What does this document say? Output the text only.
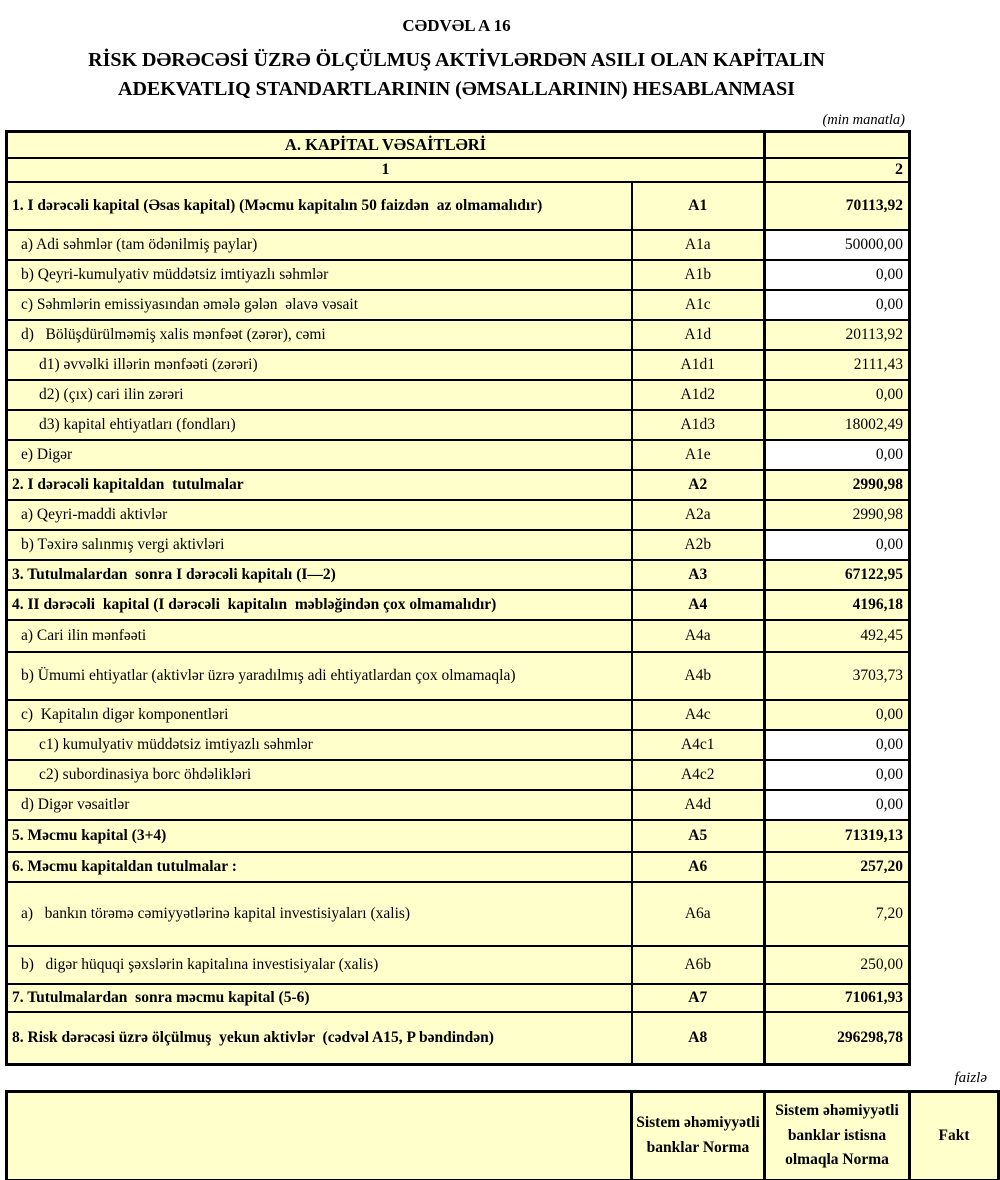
CƏDVƏL A 16
RİSK DƏRƏCƏSİ ÜZRƏ ÖLÇÜLMUŞ AKTİVLƏRDƏN ASILI OLAN KAPİTALIN
ADEKVATLIQ STANDARTLARININ (ƏMSALLARININ) HESABLANMASI
(min manatla)
A. KAPİTAL VƏSAİTLƏRİ		
1		2
1. I dərəcəli kapital (Əsas kapital) (Məcmu kapitalın 50 faizdən  az olmamalıdır)	A1	70113,92
a) Adi səhmlər (tam ödənilmiş paylar)	A1a	50000,00
b) Qeyri-kumulyativ müddətsiz imtiyazlı səhmlər	A1b	0,00
c) Səhmlərin emissiyasından əmələ gələn  əlavə vəsait	A1c	0,00
d)   Bölüşdürülməmiş xalis mənfəət (zərər), cəmi	A1d	20113,92
d1) əvvəlki illərin mənfəəti (zərəri)	A1d1	2111,43
d2) (çıx) cari ilin zərəri	A1d2	0,00
d3) kapital ehtiyatları (fondları)	A1d3	18002,49
e) Digər	A1e	0,00
2. I dərəcəli kapitaldan  tutulmalar	A2	2990,98
a) Qeyri-maddi aktivlər	A2a	2990,98
b) Təxirə salınmış vergi aktivləri	A2b	0,00
3. Tutulmalardan  sonra I dərəcəli kapitalı (I—2)	A3	67122,95
4. II dərəcəli  kapital (I dərəcəli  kapitalın  məbləğindən çox olmamalıdır)	A4	4196,18
a) Cari ilin mənfəəti	A4a	492,45
b) Ümumi ehtiyatlar (aktivlər üzrə yaradılmış adi ehtiyatlardan çox olmamaqla)	A4b	3703,73
c)  Kapitalın digər komponentləri	A4c	0,00
c1) kumulyativ müddətsiz imtiyazlı səhmlər	A4c1	0,00
c2) subordinasiya borc öhdəlikləri	A4c2	0,00
d) Digər vəsaitlər	A4d	0,00
5. Məcmu kapital (3+4)	A5	71319,13
6. Məcmu kapitaldan tutulmalar :	A6	257,20
a)   bankın törəmə cəmiyyətlərinə kapital investisiyaları (xalis)	A6a	7,20
b)   digər hüquqi şəxslərin kapitalına investisiyalar (xalis)	A6b	250,00
7. Tutulmalardan  sonra məcmu kapital (5-6)	A7	71061,93
8. Risk dərəcəsi üzrə ölçülmuş  yekun aktivlər  (cədvəl A15, P bəndindən)	A8	296298,78
faizlə
	Sistem əhəmiyyətli banklar Norma	Sistem əhəmiyyətli banklar istisna olmaqla Norma	Fakt
